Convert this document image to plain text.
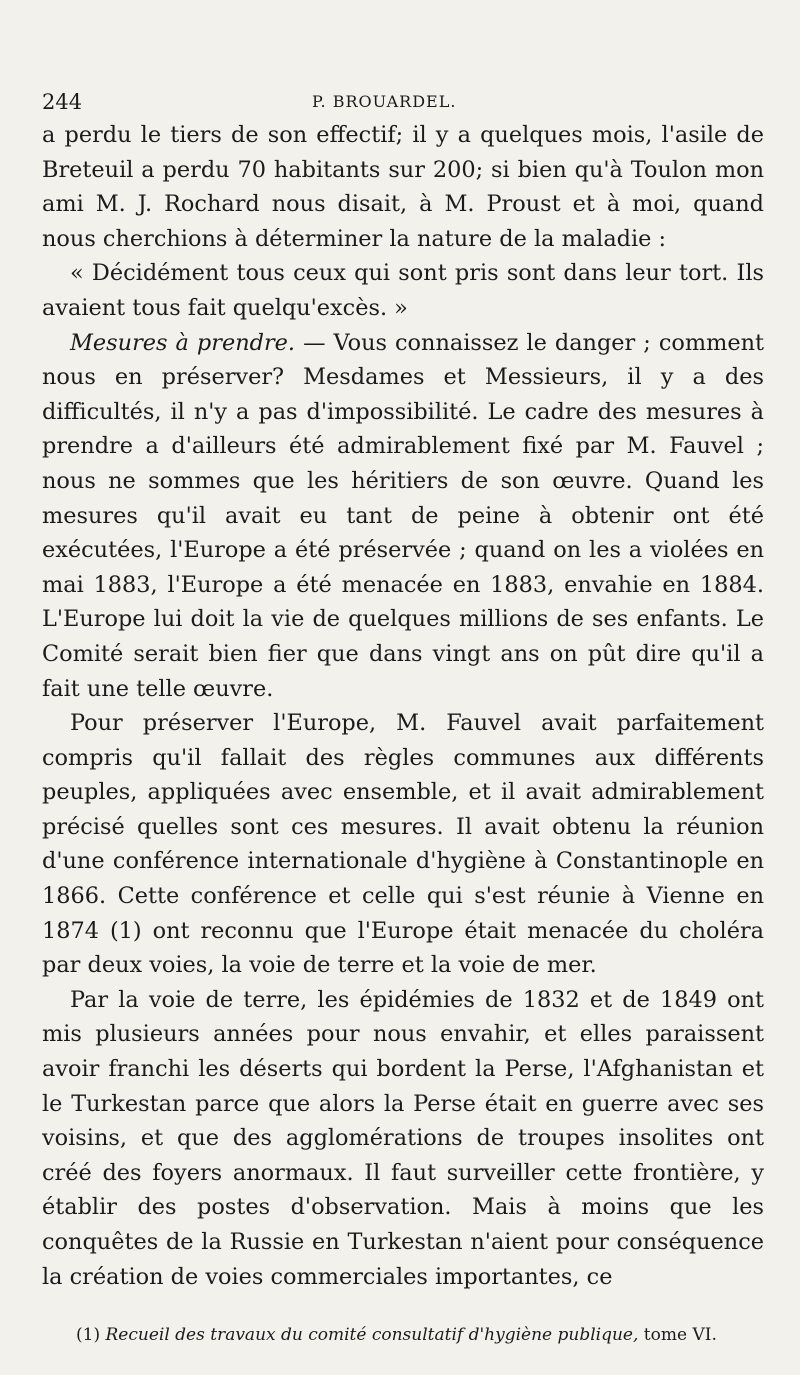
244	P. BROUARDEL.

a perdu le tiers de son effectif; il y a quelques mois, l'asile de Breteuil a perdu 70 habitants sur 200; si bien qu'à Toulon mon ami M. J. Rochard nous disait, à M. Proust et à moi, quand nous cherchions à déterminer la nature de la maladie :

« Décidément tous ceux qui sont pris sont dans leur tort. Ils avaient tous fait quelqu'excès. »

Mesures à prendre. — Vous connaissez le danger ; comment nous en préserver? Mesdames et Messieurs, il y a des difficultés, il n'y a pas d'impossibilité. Le cadre des mesures à prendre a d'ailleurs été admirablement fixé par M. Fauvel ; nous ne sommes que les héritiers de son œuvre. Quand les mesures qu'il avait eu tant de peine à obtenir ont été exécutées, l'Europe a été préservée ; quand on les a violées en mai 1883, l'Europe a été menacée en 1883, envahie en 1884. L'Europe lui doit la vie de quelques millions de ses enfants. Le Comité serait bien fier que dans vingt ans on pût dire qu'il a fait une telle œuvre.

Pour préserver l'Europe, M. Fauvel avait parfaitement compris qu'il fallait des règles communes aux différents peuples, appliquées avec ensemble, et il avait admirablement précisé quelles sont ces mesures. Il avait obtenu la réunion d'une conférence internationale d'hygiène à Constantinople en 1866. Cette conférence et celle qui s'est réunie à Vienne en 1874 (1) ont reconnu que l'Europe était menacée du choléra par deux voies, la voie de terre et la voie de mer.

Par la voie de terre, les épidémies de 1832 et de 1849 ont mis plusieurs années pour nous envahir, et elles paraissent avoir franchi les déserts qui bordent la Perse, l'Afghanistan et le Turkestan parce que alors la Perse était en guerre avec ses voisins, et que des agglomérations de troupes insolites ont créé des foyers anormaux. Il faut surveiller cette frontière, y établir des postes d'observation. Mais à moins que les conquêtes de la Russie en Turkestan n'aient pour conséquence la création de voies commerciales importantes, ce

(1) Recueil des travaux du comité consultatif d'hygiène publique, tome VI.
